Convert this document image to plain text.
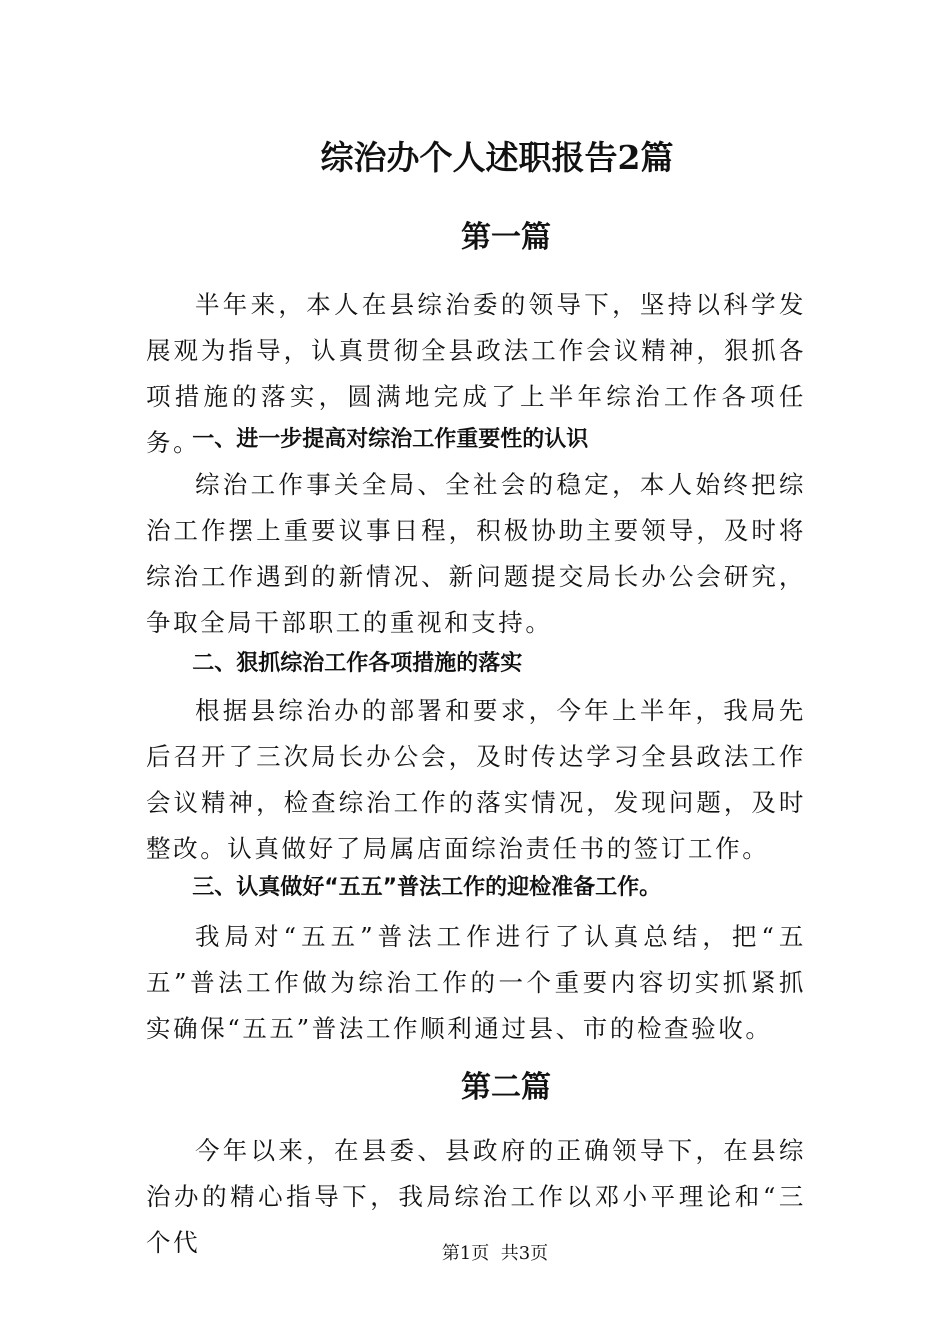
综治办个人述职报告2篇
第一篇

半年来，本人在县综治委的领导下，坚持以科学发展观为指导，认真贯彻全县政法工作会议精神，狠抓各项措施的落实，圆满地完成了上半年综治工作各项任务。

一、进一步提高对综治工作重要性的认识

综治工作事关全局、全社会的稳定，本人始终把综治工作摆上重要议事日程，积极协助主要领导，及时将综治工作遇到的新情况、新问题提交局长办公会研究，争取全局干部职工的重视和支持。

二、狠抓综治工作各项措施的落实

根据县综治办的部署和要求，今年上半年，我局先后召开了三次局长办公会，及时传达学习全县政法工作会议精神，检查综治工作的落实情况，发现问题，及时整改。认真做好了局属店面综治责任书的签订工作。

三、认真做好“五五”普法工作的迎检准备工作。

我局对“五五”普法工作进行了认真总结，把“五五”普法工作做为综治工作的一个重要内容切实抓紧抓实确保“五五”普法工作顺利通过县、市的检查验收。

第二篇

今年以来，在县委、县政府的正确领导下，在县综治办的精心指导下，我局综治工作以邓小平理论和“三个代	第1页  共3页
